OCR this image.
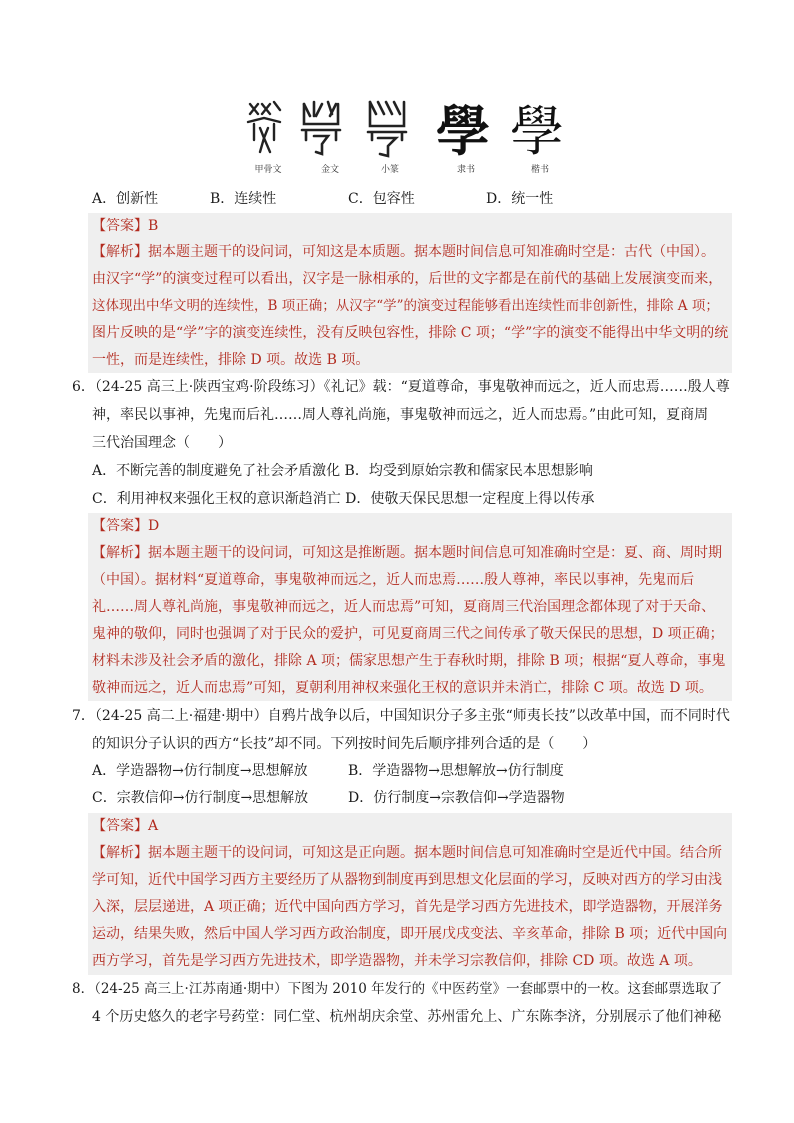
學 學
甲骨文	金文	小篆	隶书	楷书
A．创新性	B．连续性	C．包容性	D．统一性
【答案】B
【解析】据本题主题干的设问词，可知这是本质题。据本题时间信息可知准确时空是：古代（中国）。
由汉字“学”的演变过程可以看出，汉字是一脉相承的，后世的文字都是在前代的基础上发展演变而来，
这体现出中华文明的连续性，B 项正确；从汉字“学”的演变过程能够看出连续性而非创新性，排除 A 项；
图片反映的是“学”字的演变连续性，没有反映包容性，排除 C 项；“学”字的演变不能得出中华文明的统
一性，而是连续性，排除 D 项。故选 B 项。
6．（24-25 高三上·陕西宝鸡·阶段练习）《礼记》载：“夏道尊命，事鬼敬神而远之，近人而忠焉……殷人尊
神，率民以事神，先鬼而后礼……周人尊礼尚施，事鬼敬神而远之，近人而忠焉。”由此可知，夏商周
三代治国理念（　　）
A．不断完善的制度避免了社会矛盾激化 B．均受到原始宗教和儒家民本思想影响
C．利用神权来强化王权的意识渐趋消亡 D．使敬天保民思想一定程度上得以传承
【答案】D
【解析】据本题主题干的设问词，可知这是推断题。据本题时间信息可知准确时空是：夏、商、周时期
（中国）。据材料“夏道尊命，事鬼敬神而远之，近人而忠焉……殷人尊神，率民以事神，先鬼而后
礼……周人尊礼尚施，事鬼敬神而远之，近人而忠焉”可知，夏商周三代治国理念都体现了对于天命、
鬼神的敬仰，同时也强调了对于民众的爱护，可见夏商周三代之间传承了敬天保民的思想，D 项正确；
材料未涉及社会矛盾的激化，排除 A 项；儒家思想产生于春秋时期，排除 B 项；根据“夏人尊命，事鬼
敬神而远之，近人而忠焉”可知，夏朝利用神权来强化王权的意识并未消亡，排除 C 项。故选 D 项。
7．（24-25 高二上·福建·期中）自鸦片战争以后，中国知识分子多主张“师夷长技”以改革中国，而不同时代
的知识分子认识的西方“长技”却不同。下列按时间先后顺序排列合适的是（　　）
A．学造器物→仿行制度→思想解放	B．学造器物→思想解放→仿行制度
C．宗教信仰→仿行制度→思想解放	D．仿行制度→宗教信仰→学造器物
【答案】A
【解析】据本题主题干的设问词，可知这是正向题。据本题时间信息可知准确时空是近代中国。结合所
学可知，近代中国学习西方主要经历了从器物到制度再到思想文化层面的学习，反映对西方的学习由浅
入深，层层递进，A 项正确；近代中国向西方学习，首先是学习西方先进技术，即学造器物，开展洋务
运动，结果失败，然后中国人学习西方政治制度，即开展戊戌变法、辛亥革命，排除 B 项；近代中国向
西方学习，首先是学习西方先进技术，即学造器物，并未学习宗教信仰，排除 CD 项。故选 A 项。
8．（24-25 高三上·江苏南通·期中）下图为 2010 年发行的《中医药堂》一套邮票中的一枚。这套邮票选取了
4 个历史悠久的老字号药堂：同仁堂、杭州胡庆余堂、苏州雷允上、广东陈李济，分别展示了他们神秘
